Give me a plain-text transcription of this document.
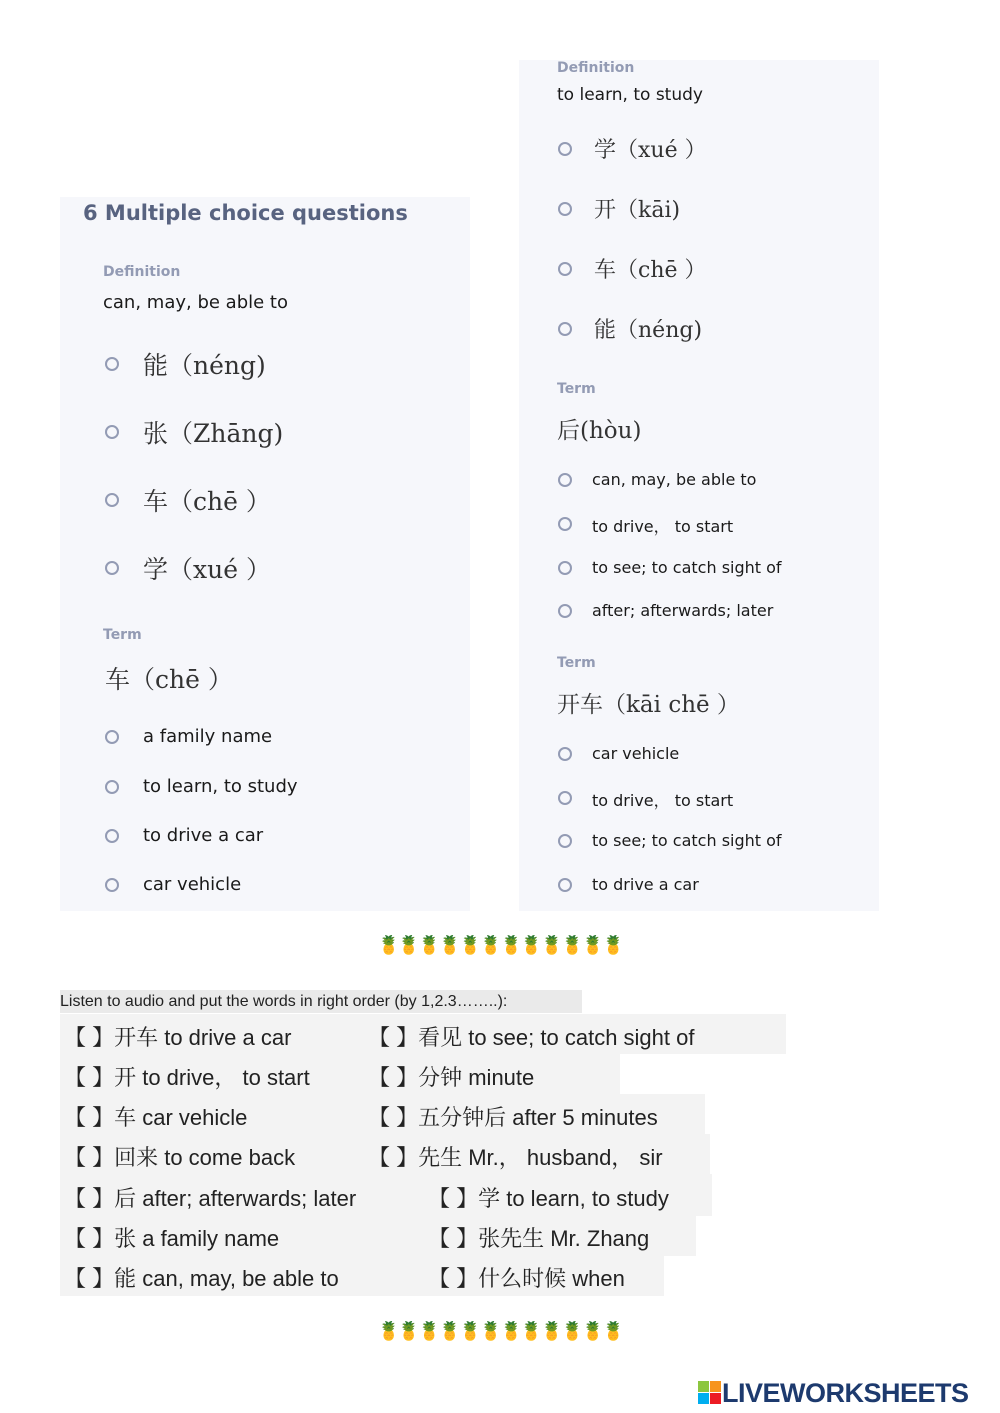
6 Multiple choice questions
Definition
can, may, be able to
能（néng)
张（Zhāng)
车（chē ）
学（xué ）
Term
车（chē ）
a family name
to learn, to study
to drive a car
car vehicle
Definition
to learn, to study
学（xué ）
开（kāi)
车（chē ）
能（néng)
Term
后(hòu)
can, may, be able to
to drive， to start
to see; to catch sight of
after; afterwards; later
Term
开车（kāi chē ）
car vehicle
to drive， to start
to see; to catch sight of
to drive a car
🍍🍍🍍🍍🍍🍍🍍🍍🍍🍍🍍🍍
Listen to audio and put the words in right order (by 1,2.3……..):
【 】开车 to drive a car
【 】开 to drive， to start
【 】车 car vehicle
【 】回来 to come back
【 】后 after; afterwards; later
【 】张 a family name
【 】能 can, may, be able to
【 】看见 to see; to catch sight of
【 】分钟 minute
【 】五分钟后 after 5 minutes
【 】先生 Mr.， husband， sir
【 】学 to learn, to study
【 】张先生 Mr. Zhang
【 】什么时候 when
🍍🍍🍍🍍🍍🍍🍍🍍🍍🍍🍍🍍
LIVEWORKSHEETS
